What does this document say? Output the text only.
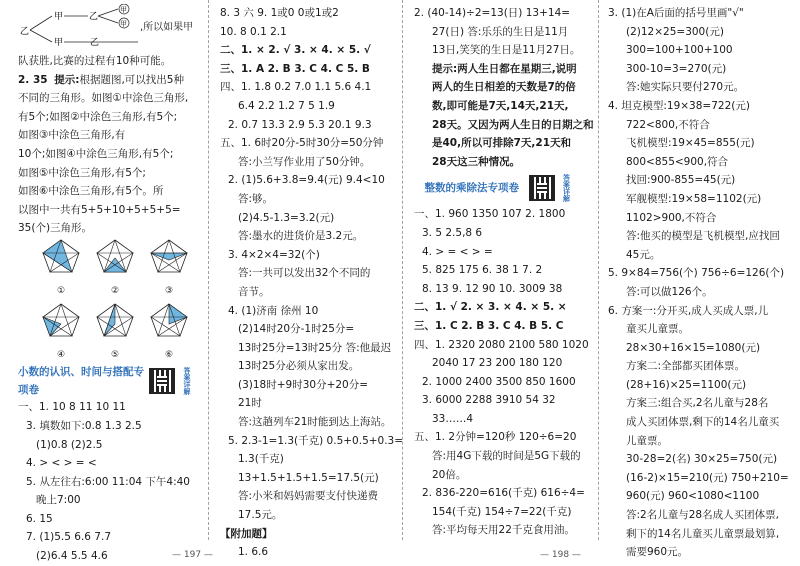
乙
甲	乙
甲	乙
甲
甲 ,所以如果甲
队获胜,比赛的过程有10种可能。
2. 35 提示:根据题图,可以找出5种
不同的三角形。如图①中涂色三角形,
有5个;如图②中涂色三角形,有5个;
如图③中涂色三角形,有
10个;如图④中涂色三角形,有5个;
如图⑤中涂色三角形,有5个;
如图⑥中涂色三角形,有5个。所
以图中一共有5+5+10+5+5+5=
35(个)三角形。
①	②	③
④	⑤	⑥
小数的认识、时间与搭配专项卷	答案详解
一、1. 10 8 11 10 11
3. 填数如下:0.8 1.3 2.5
(1)0.8 (2)2.5
4. > < > = <
5. 从左往右:6:00 11:04 下午4:40
晚上7:00
6. 15
7. (1)5.5 6.6 7.7
(2)6.4 5.5 4.6
8. 3 六 9. 1或0 0或1或2
10. 8 0.1 2.1
二、1. × 2. √ 3. × 4. × 5. √
三、1. A 2. B 3. C 4. C 5. B
四、1. 1.8 0.2 7.0 1.1 5.6 4.1
6.4 2.2 1.2 7 5 1.9
2. 0.7 13.3 2.9 5.3 20.1 9.3
五、1. 6时20分-5时30分=50分钟
答:小兰写作业用了50分钟。
2. (1)5.6+3.8=9.4(元) 9.4<10
答:够。
(2)4.5-1.3=3.2(元)
答:墨水的进货价是3.2元。
3. 4×2×4=32(个)
答:一共可以发出32个不同的
音节。
4. (1)济南 徐州 10
(2)14时20分-1时25分=
13时25分=13时25分 答:他最迟
13时25分必须从家出发。
(3)18时+9时30分+20分=
21时
答:这趟列车21时能到达上海站。
5. 2.3-1=1.3(千克) 0.5+0.5+0.3=
1.3(千克)
13+1.5+1.5+1.5=17.5(元)
答:小米和妈妈需要支付快递费
17.5元。
【附加题】
1. 6.6
2. (40-14)÷2=13(日) 13+14=
27(日) 答:乐乐的生日是11月
13日,笑笑的生日是11月27日。
提示:两人生日都在星期三,说明
两人的生日相差的天数是7的倍
数,即可能是7天,14天,21天,
28天。又因为两人生日的日期之和
是40,所以可排除7天,21天和
28天这三种情况。
整数的乘除法专项卷	答案详解
一、1. 960 1350 107 2. 1800
3. 5 2.5,8 6
4. > = < > =
5. 825 175 6. 38 1 7. 2
8. 13 9. 12 90 10. 3009 38
二、1. √ 2. × 3. × 4. × 5. ×
三、1. C 2. B 3. C 4. B 5. C
四、1. 2320 2080 2100 580 1020
2040 17 23 200 180 120
2. 1000 2400 3500 850 1600
3. 6000 2288 3910 54 32
33……4
五、1. 2分钟=120秒 120÷6=20
答:用4G下载的时间是5G下载的
20倍。
2. 836-220=616(千克) 616÷4=
154(千克) 154÷7=22(千克)
答:平均每天用22千克食用油。
3. (1)在A后面的括号里画"√"
(2)12×25=300(元)
300=100+100+100
300-10=3=270(元)
答:她实际只要付270元。
4. 坦克模型:19×38=722(元)
722<800,不符合
飞机模型:19×45=855(元)
800<855<900,符合
找回:900-855=45(元)
军舰模型:19×58=1102(元)
1102>900,不符合
答:他买的模型是飞机模型,应找回
45元。
5. 9×84=756(个) 756÷6=126(个)
答:可以做126个。
6. 方案一:分开买,成人买成人票,儿
童买儿童票。
28×30+16×15=1080(元)
方案二:全部都买团体票。
(28+16)×25=1100(元)
方案三:组合买,2名儿童与28名
成人买团体票,剩下的14名儿童买
儿童票。
30-28=2(名) 30×25=750(元)
(16-2)×15=210(元) 750+210=
960(元) 960<1080<1100
答:2名儿童与28名成人买团体票,
剩下的14名儿童买儿童票最划算,
需要960元。
— 197 —	— 198 —
